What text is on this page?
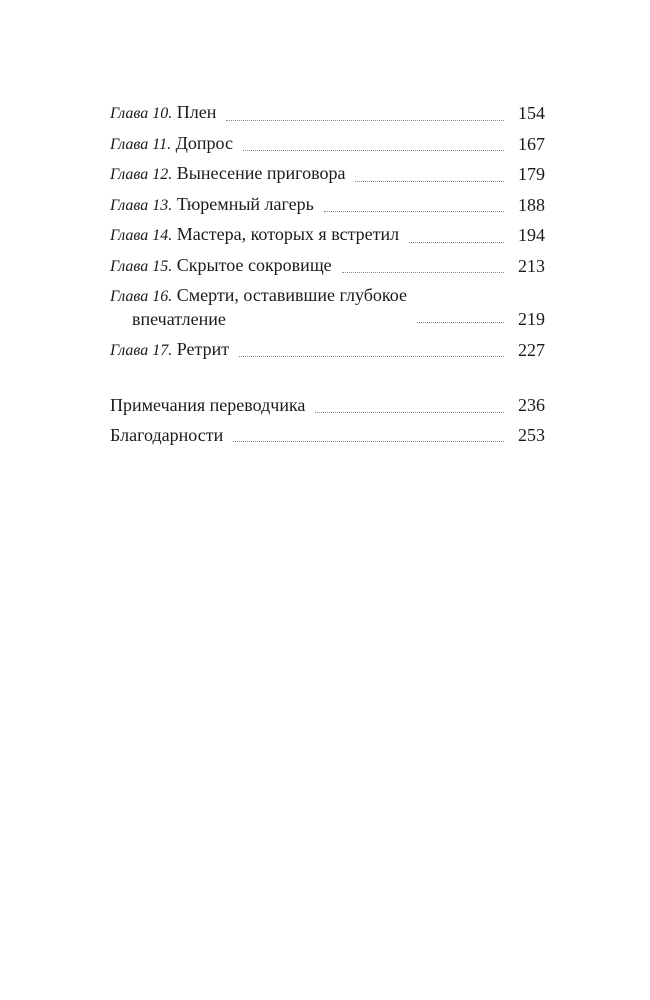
Глава 10. Плен	154
Глава 11. Допрос	167
Глава 12. Вынесение приговора	179
Глава 13. Тюремный лагерь	188
Глава 14. Мастера, которых я встретил	194
Глава 15. Скрытое сокровище	213
Глава 16. Смерти, оставившие глубокое
впечатление	219
Глава 17. Ретрит	227
Примечания переводчика	236
Благодарности	253
